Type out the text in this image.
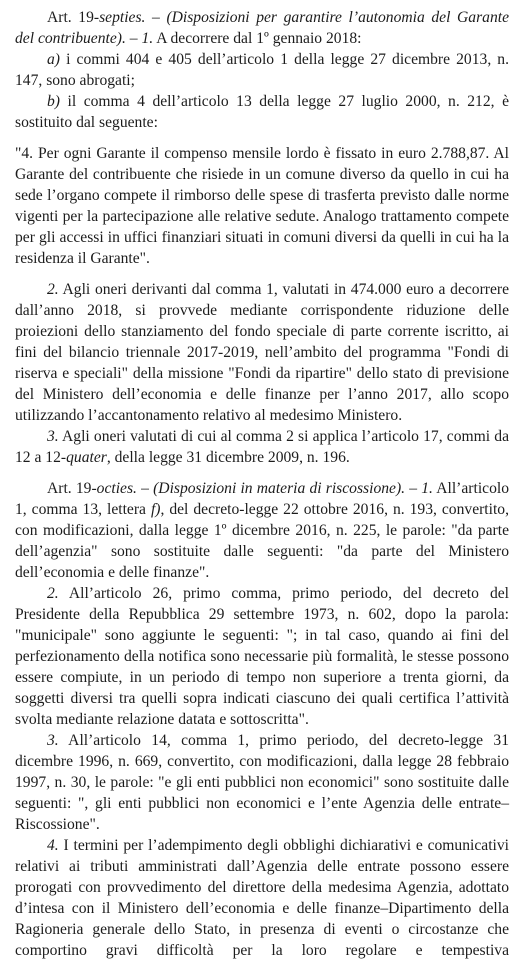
Art. 19-septies. – (Disposizioni per garantire l’autonomia del Garante del contribuente). – 1. A decorrere dal 1º gennaio 2018:

a) i commi 404 e 405 dell’articolo 1 della legge 27 dicembre 2013, n. 147, sono abrogati;

b) il comma 4 dell’articolo 13 della legge 27 luglio 2000, n. 212, è sostituito dal seguente:

"4. Per ogni Garante il compenso mensile lordo è fissato in euro 2.788,87. Al Garante del contribuente che risiede in un comune diverso da quello in cui ha sede l’organo compete il rimborso delle spese di trasferta previsto dalle norme vigenti per la partecipazione alle relative sedute. Analogo trattamento compete per gli accessi in uffici finanziari situati in comuni diversi da quelli in cui ha la residenza il Garante".

2. Agli oneri derivanti dal comma 1, valutati in 474.000 euro a decorrere dall’anno 2018, si provvede mediante corrispondente riduzione delle proiezioni dello stanziamento del fondo speciale di parte corrente iscritto, ai fini del bilancio triennale 2017-2019, nell’ambito del programma "Fondi di riserva e speciali" della missione "Fondi da ripartire" dello stato di previsione del Ministero dell’economia e delle finanze per l’anno 2017, allo scopo utilizzando l’accantonamento relativo al medesimo Ministero.

3. Agli oneri valutati di cui al comma 2 si applica l’articolo 17, commi da 12 a 12-quater, della legge 31 dicembre 2009, n. 196.

Art. 19-octies. – (Disposizioni in materia di riscossione). – 1. All’articolo 1, comma 13, lettera f), del decreto-legge 22 ottobre 2016, n. 193, convertito, con modificazioni, dalla legge 1º dicembre 2016, n. 225, le parole: "da parte dell’agenzia" sono sostituite dalle seguenti: "da parte del Ministero dell’economia e delle finanze".

2. All’articolo 26, primo comma, primo periodo, del decreto del Presidente della Repubblica 29 settembre 1973, n. 602, dopo la parola: "municipale" sono aggiunte le seguenti: "; in tal caso, quando ai fini del perfezionamento della notifica sono necessarie più formalità, le stesse possono essere compiute, in un periodo di tempo non superiore a trenta giorni, da soggetti diversi tra quelli sopra indicati ciascuno dei quali certifica l’attività svolta mediante relazione datata e sottoscritta".

3. All’articolo 14, comma 1, primo periodo, del decreto-legge 31 dicembre 1996, n. 669, convertito, con modificazioni, dalla legge 28 febbraio 1997, n. 30, le parole: "e gli enti pubblici non economici" sono sostituite dalle seguenti: ", gli enti pubblici non economici e l’ente Agenzia delle entrate–Riscossione".

4. I termini per l’adempimento degli obblighi dichiarativi e comunicativi relativi ai tributi amministrati dall’Agenzia delle entrate possono essere prorogati con provvedimento del direttore della medesima Agenzia, adottato d’intesa con il Ministero dell’economia e delle finanze–Dipartimento della Ragioneria generale dello Stato, in presenza di eventi o circostanze che comportino gravi difficoltà per la loro regolare e tempestiva
